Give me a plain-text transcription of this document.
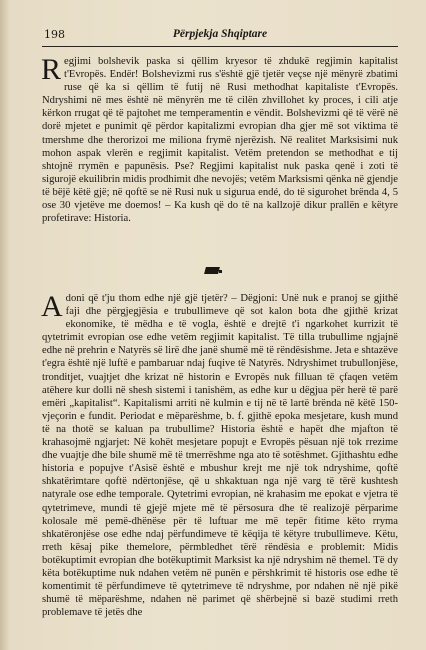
198	Përpjekja Shqiptare
Regjimi bolshevik paska si qëllim kryesor të zhdukë regjimin kapitalist t'Evropës. Endër! Bolshevizmi rus s'është gjë tjetër veçse një mënyrë zbatimi ruse që ka si qëllim të futij në Rusi methodhat kapitaliste t'Evropës. Ndryshimi në mes është në mënyrën me të cilën zhvillohet ky proces, i cili atje kërkon rrugat që të pajtohet me temperamentin e vëndit. Bolshevizmi që të vërë në dorë mjetet e punimit që përdor kapitalizmi evropian dha gjer më sot viktima të tmershme dhe therorizoi me miliona frymë njerëzish. Në realitet Marksisimi nuk mohon aspak vlerën e regjimit kapitalist. Vetëm pretendon se methodhat e tij shtojnë rrymën e papunësis. Pse? Regjimi kapitalist nuk paska qenë i zoti të sigurojë ekuilibrin midis prodhimit dhe nevojës; vetëm Marksismi qënka në gjendje të bëjë këtë gjë; në qoftë se në Rusi nuk u sigurua endé, do të sigurohet brënda 4, 5 ose 30 vjetëve me doemos! – Ka kush që do të na kallzojë dikur prallën e këtyre profetirave: Historia.
Adoni që t'ju thom edhe një gjë tjetër? – Dëgjoni: Unë nuk e pranoj se gjithë faji dhe përgjegjësia e trubullimeve që sot kalon bota dhe gjithë krizat ekonomike, të mëdha e të vogla, është e drejtë t'i ngarkohet kurrizit të qytetrimit evropian ose edhe vetëm regjimit kapitalist. Të tilla trubullime ngjajnë edhe në prehrin e Natyrës së lirë dhe janë shumë më të rëndësishme. Jeta e shtazëve t'egra është një luftë e pambaruar ndaj fuqive të Natyrës. Ndryshimet trubullonjëse, tronditjet, vuajtjet dhe krizat në historin e Evropës nuk filluan të çfaqen vetëm atëhere kur dolli në shesh sistemi i tanishëm, as edhe kur u dëgjua për herë të parë emëri „kapitalist“. Kapitalismi arriti në kulmin e tij në të lartë brënda në këtë 150-vjeçorin e fundit. Periodat e mëparëshme, b. f. gjithë epoka mesjetare, kush mund të na thotë se kaluan pa trubullime? Historia është e hapët dhe mjafton të krahasojmë ngjarjet: Në kohët mesjetare popujt e Evropës pësuan një tok rrezime dhe vuajtje dhe bile shumë më të tmerrëshme nga ato të sotëshmet. Gjithashtu edhe historia e popujve t'Asisë është e mbushur krejt me një tok ndryshime, qoftë shkatërimtare qoftë ndërtonjëse, që u shkaktuan nga një varg të tërë kushtesh natyrale ose edhe temporale. Qytetrimi evropian, në krahasim me epokat e vjetra të qytetrimeve, mundi të gjejë mjete më të përsosura dhe të realizojë përparime kolosale më pemë-dhënëse për të luftuar me më tepër fitime këto rryma shkatëronjëse ose edhe ndaj përfundimeve të këqija të këtyre trubullimeve. Këtu, rreth kësaj pike themelore, përmbledhet tërë rëndësia e problemit: Midis botëkuptimit evropian dhe botëkuptimit Marksist ka një ndryshim në themel. Të dy këta botëkuptime nuk ndahen vetëm në punën e përshkrimit të historis ose edhe të komentimit të përfundimeve të qytetrimeve të ndryshme, por ndahen në një pikë shumë të mëparëshme, ndahen në parimet që shërbejnë si bazë studimi rreth problemave të jetës dhe
